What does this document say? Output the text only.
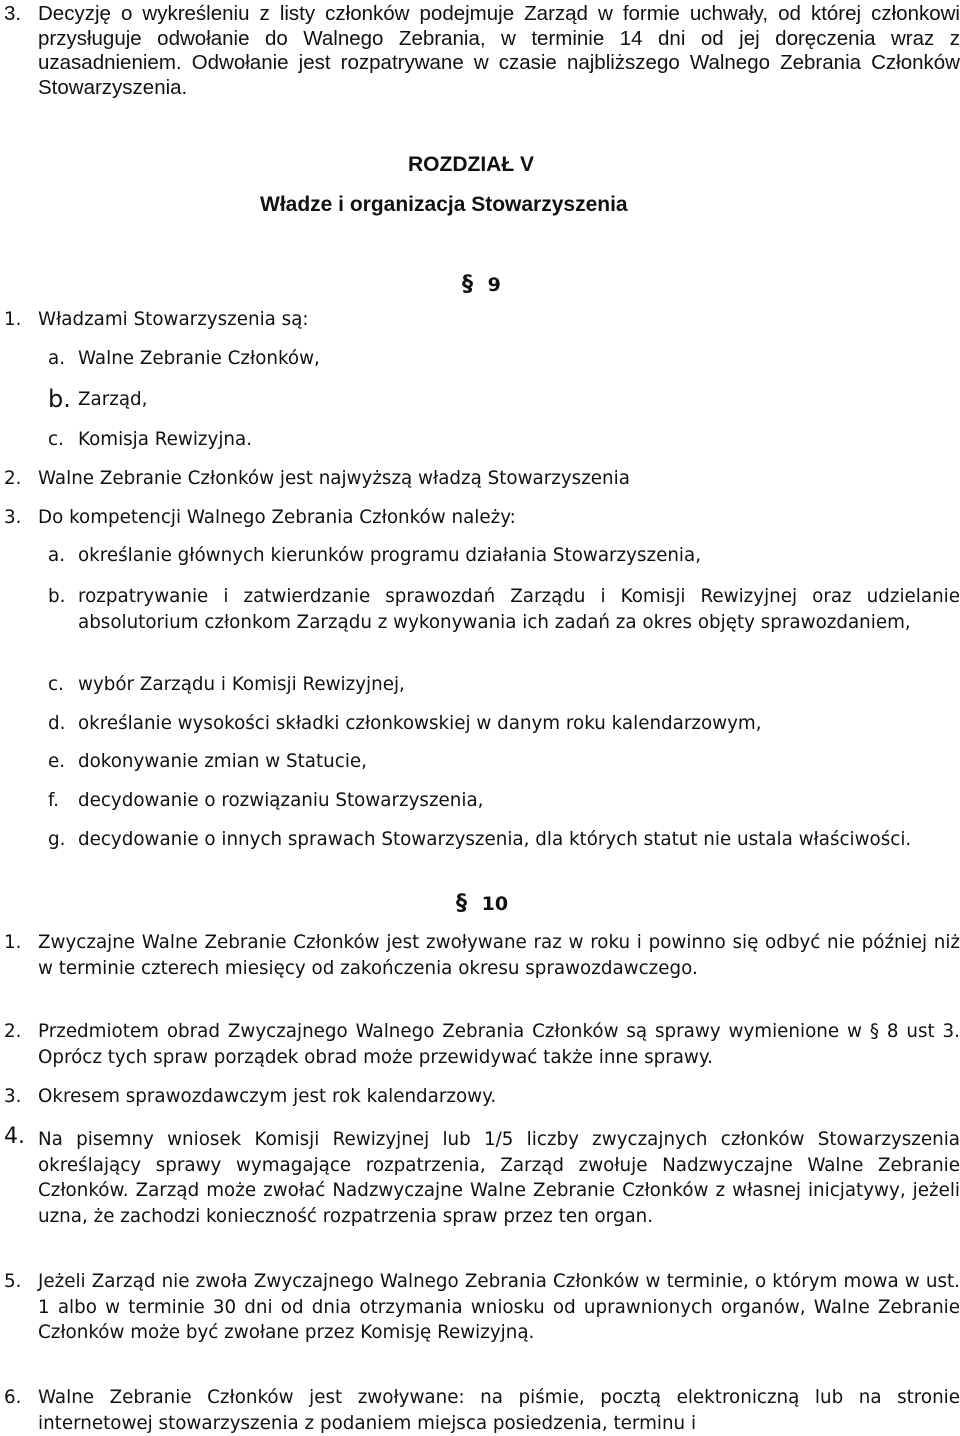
3. Decyzję o wykreśleniu z listy członków podejmuje Zarząd w formie uchwały, od której członkowi przysługuje odwołanie do Walnego Zebrania, w terminie 14 dni od jej doręczenia wraz z uzasadnieniem. Odwołanie jest rozpatrywane w czasie najbliższego Walnego Zebrania Członków Stowarzyszenia.

ROZDZIAŁ V
Władze i organizacja Stowarzyszenia
§ 9
1. Władzami Stowarzyszenia są:

a. Walne Zebranie Członków,

b. Zarząd,

c. Komisja Rewizyjna.

2. Walne Zebranie Członków jest najwyższą władzą Stowarzyszenia

3. Do kompetencji Walnego Zebrania Członków należy:

a. określanie głównych kierunków programu działania Stowarzyszenia,

b. rozpatrywanie i zatwierdzanie sprawozdań Zarządu i Komisji Rewizyjnej oraz udzielanie absolutorium członkom Zarządu z wykonywania ich zadań za okres objęty sprawozdaniem,

c. wybór Zarządu i Komisji Rewizyjnej,

d. określanie wysokości składki członkowskiej w danym roku kalendarzowym,

e. dokonywanie zmian w Statucie,

f. decydowanie o rozwiązaniu Stowarzyszenia,

g. decydowanie o innych sprawach Stowarzyszenia, dla których statut nie ustala właściwości.

§ 10
1. Zwyczajne Walne Zebranie Członków jest zwoływane raz w roku i powinno się odbyć nie później niż w terminie czterech miesięcy od zakończenia okresu sprawozdawczego.

2. Przedmiotem obrad Zwyczajnego Walnego Zebrania Członków są sprawy wymienione w § 8 ust 3. Oprócz tych spraw porządek obrad może przewidywać także inne sprawy.

3. Okresem sprawozdawczym jest rok kalendarzowy.

4. Na pisemny wniosek Komisji Rewizyjnej lub 1/5 liczby zwyczajnych członków Stowarzyszenia określający sprawy wymagające rozpatrzenia, Zarząd zwołuje Nadzwyczajne Walne Zebranie Członków. Zarząd może zwołać Nadzwyczajne Walne Zebranie Członków z własnej inicjatywy, jeżeli uzna, że zachodzi konieczność rozpatrzenia spraw przez ten organ.

5. Jeżeli Zarząd nie zwoła Zwyczajnego Walnego Zebrania Członków w terminie, o którym mowa w ust. 1 albo w terminie 30 dni od dnia otrzymania wniosku od uprawnionych organów, Walne Zebranie Członków może być zwołane przez Komisję Rewizyjną.

6. Walne Zebranie Członków jest zwoływane: na piśmie, pocztą elektroniczną lub na stronie internetowej stowarzyszenia z podaniem miejsca posiedzenia, terminu i
